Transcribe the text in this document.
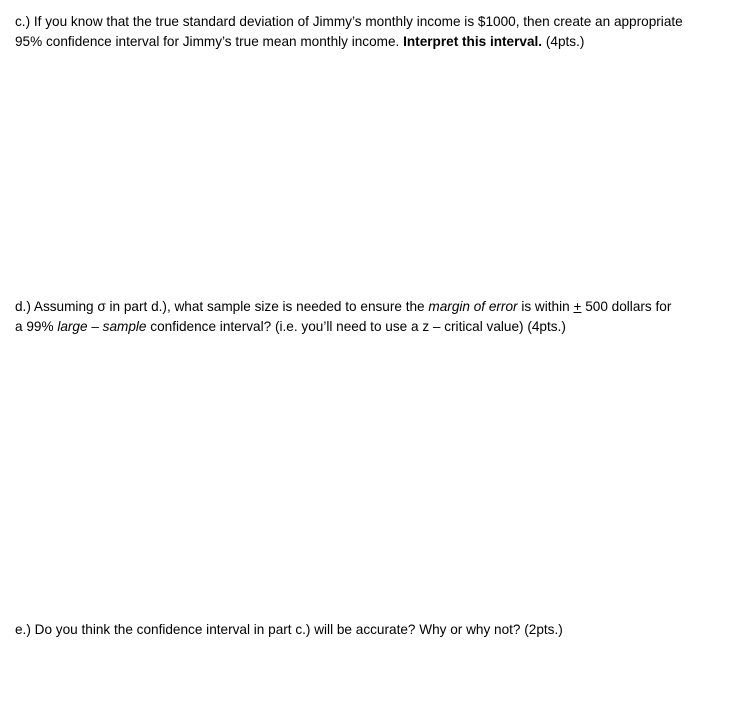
c.) If you know that the true standard deviation of Jimmy’s monthly income is $1000, then create an appropriate
95% confidence interval for Jimmy’s true mean monthly income. Interpret this interval. (4pts.)
d.) Assuming σ in part d.), what sample size is needed to ensure the margin of error is within + 500 dollars for
a 99% large – sample confidence interval? (i.e. you’ll need to use a z – critical value) (4pts.)
e.) Do you think the confidence interval in part c.) will be accurate? Why or why not? (2pts.)
